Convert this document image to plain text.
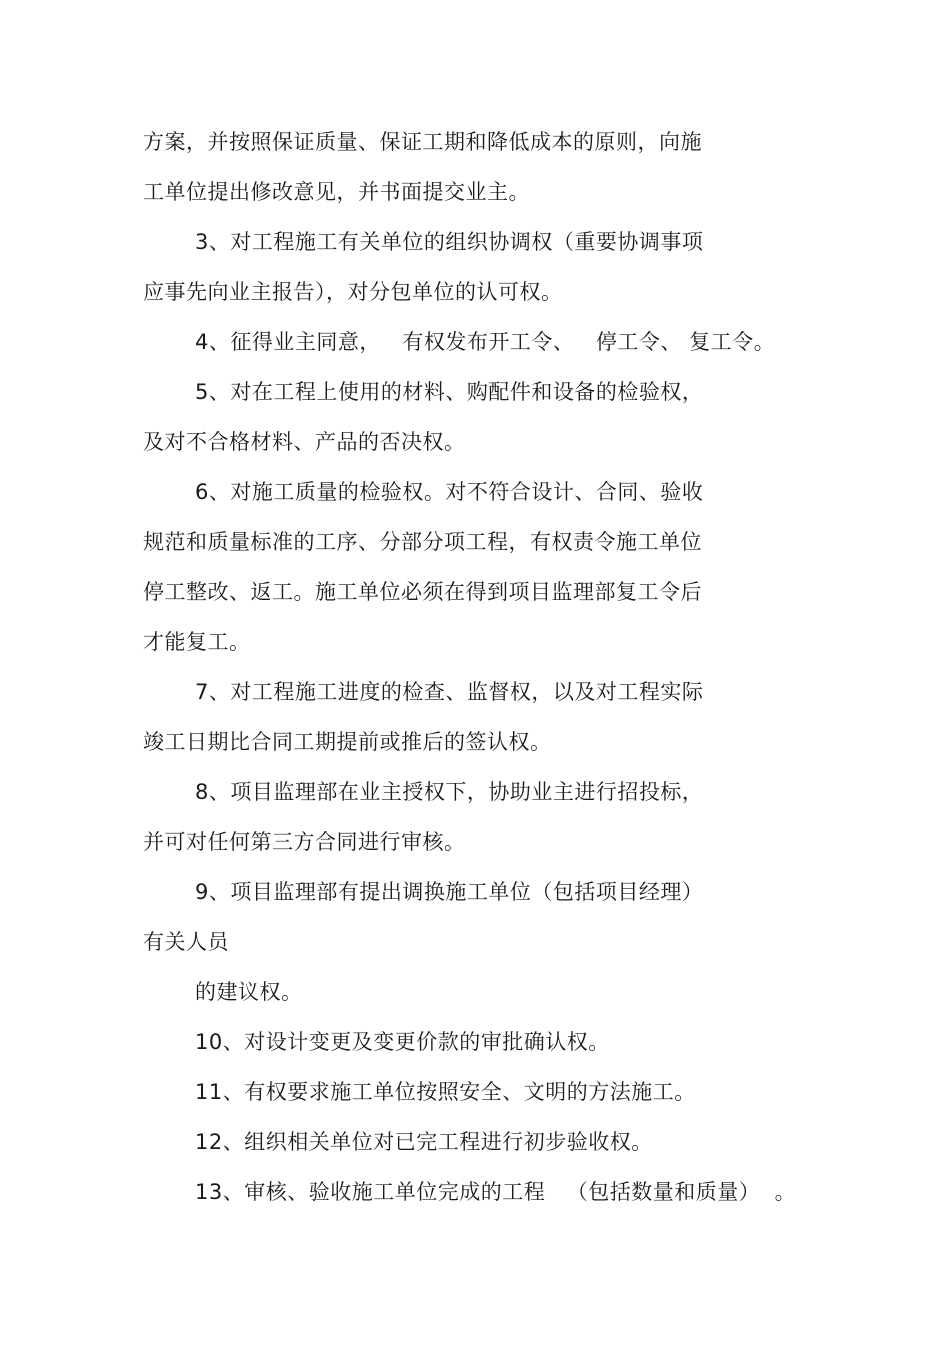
方案，并按照保证质量、保证工期和降低成本的原则，向施
工单位提出修改意见，并书面提交业主。
3、对工程施工有关单位的组织协调权（重要协调事项
应事先向业主报告），对分包单位的认可权。
4、征得业主同意，   有权发布开工令、   停工令、 复工令。
5、对在工程上使用的材料、购配件和设备的检验权，
及对不合格材料、产品的否决权。
6、对施工质量的检验权。对不符合设计、合同、验收
规范和质量标准的工序、分部分项工程，有权责令施工单位
停工整改、返工。施工单位必须在得到项目监理部复工令后
才能复工。
7、对工程施工进度的检查、监督权，以及对工程实际
竣工日期比合同工期提前或推后的签认权。
8、项目监理部在业主授权下，协助业主进行招投标，
并可对任何第三方合同进行审核。
9、项目监理部有提出调换施工单位（包括项目经理）
有关人员
的建议权。
10、对设计变更及变更价款的审批确认权。
11、有权要求施工单位按照安全、文明的方法施工。
12、组织相关单位对已完工程进行初步验收权。
13、审核、验收施工单位完成的工程   （包括数量和质量）  。
